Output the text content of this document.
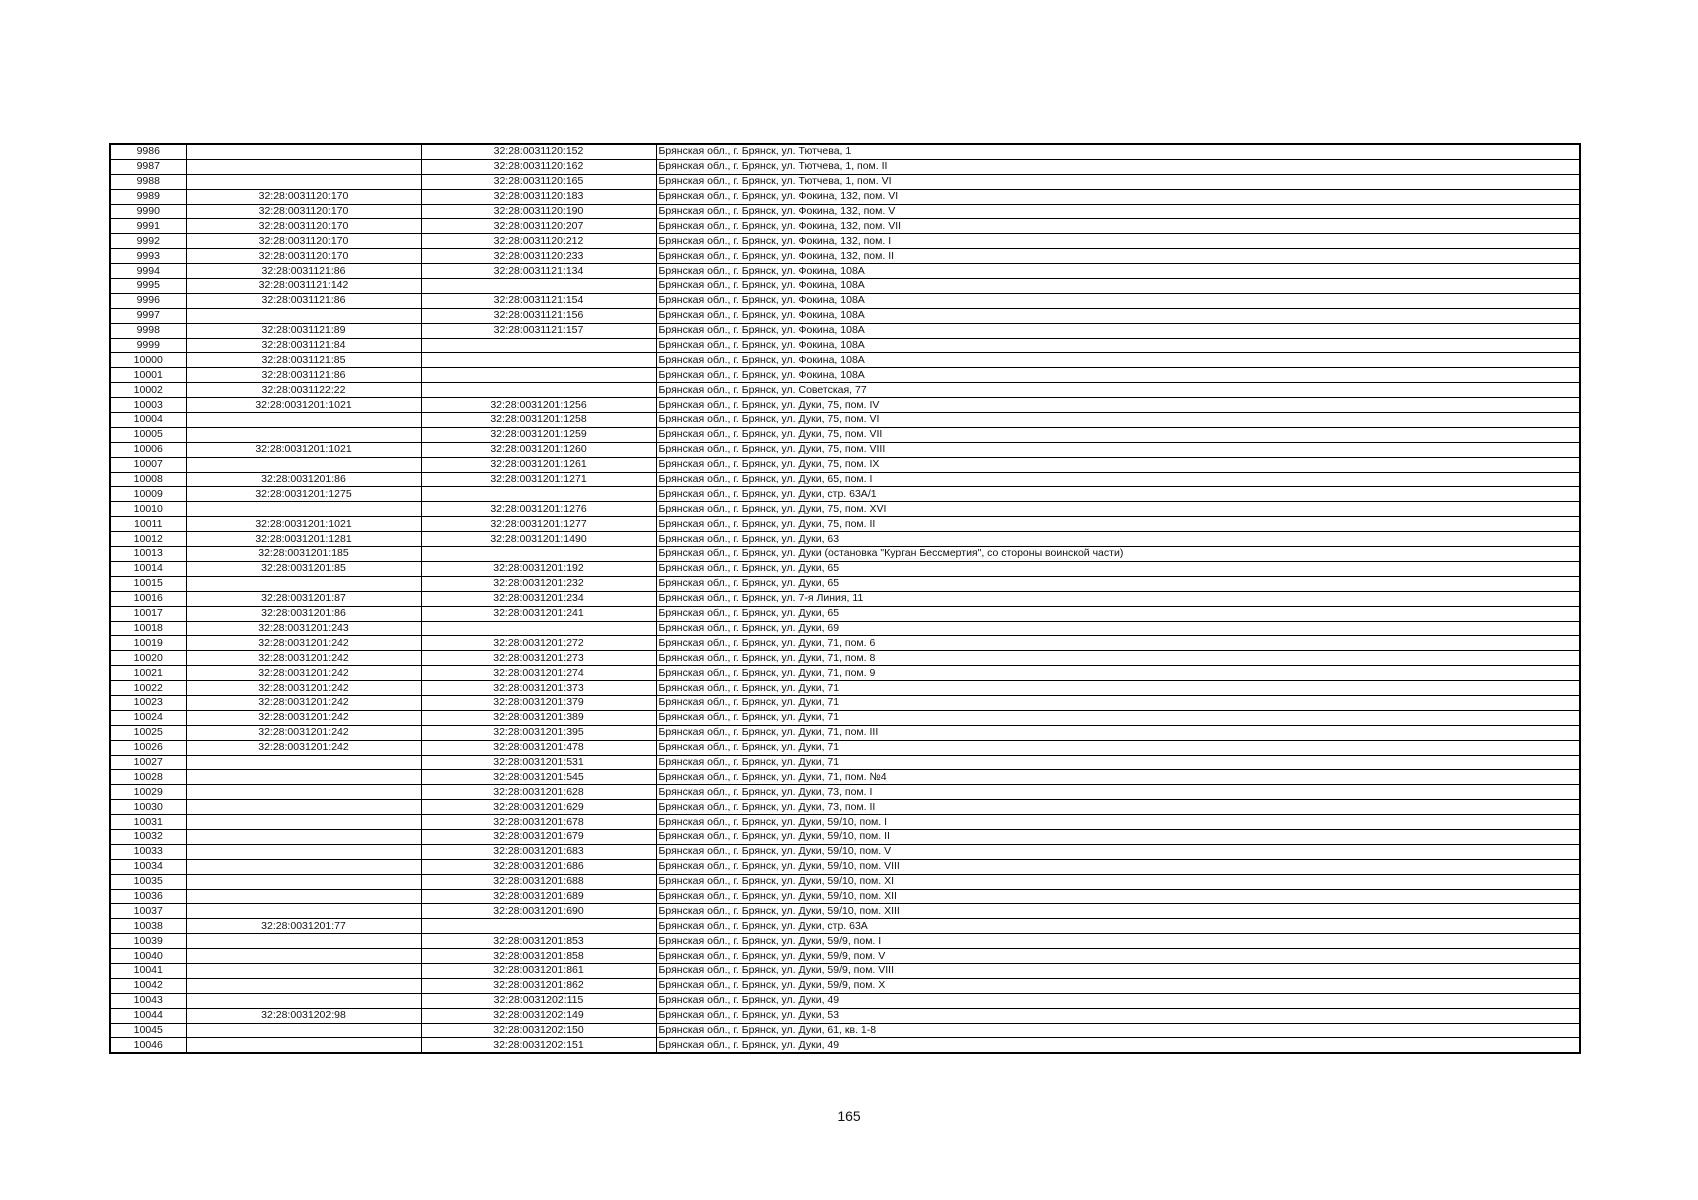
9986		32:28:0031120:152	Брянская обл., г. Брянск, ул. Тютчева, 1
9987		32:28:0031120:162	Брянская обл., г. Брянск, ул. Тютчева, 1, пом. II
9988		32:28:0031120:165	Брянская обл., г. Брянск, ул. Тютчева, 1, пом. VI
9989	32:28:0031120:170	32:28:0031120:183	Брянская обл., г. Брянск, ул. Фокина, 132, пом. VI
9990	32:28:0031120:170	32:28:0031120:190	Брянская обл., г. Брянск, ул. Фокина, 132, пом. V
9991	32:28:0031120:170	32:28:0031120:207	Брянская обл., г. Брянск, ул. Фокина, 132, пом. VII
9992	32:28:0031120:170	32:28:0031120:212	Брянская обл., г. Брянск, ул. Фокина, 132, пом. I
9993	32:28:0031120:170	32:28:0031120:233	Брянская обл., г. Брянск, ул. Фокина, 132, пом. II
9994	32:28:0031121:86	32:28:0031121:134	Брянская обл., г. Брянск, ул. Фокина, 108А
9995	32:28:0031121:142		Брянская обл., г. Брянск, ул. Фокина, 108А
9996	32:28:0031121:86	32:28:0031121:154	Брянская обл., г. Брянск, ул. Фокина, 108А
9997		32:28:0031121:156	Брянская обл., г. Брянск, ул. Фокина, 108А
9998	32:28:0031121:89	32:28:0031121:157	Брянская обл., г. Брянск, ул. Фокина, 108А
9999	32:28:0031121:84		Брянская обл., г. Брянск, ул. Фокина, 108А
10000	32:28:0031121:85		Брянская обл., г. Брянск, ул. Фокина, 108А
10001	32:28:0031121:86		Брянская обл., г. Брянск, ул. Фокина, 108А
10002	32:28:0031122:22		Брянская обл., г. Брянск, ул. Советская, 77
10003	32:28:0031201:1021	32:28:0031201:1256	Брянская обл., г. Брянск, ул. Дуки, 75, пом. IV
10004		32:28:0031201:1258	Брянская обл., г. Брянск, ул. Дуки, 75, пом. VI
10005		32:28:0031201:1259	Брянская обл., г. Брянск, ул. Дуки, 75, пом. VII
10006	32:28:0031201:1021	32:28:0031201:1260	Брянская обл., г. Брянск, ул. Дуки, 75, пом. VIII
10007		32:28:0031201:1261	Брянская обл., г. Брянск, ул. Дуки, 75, пом. IX
10008	32:28:0031201:86	32:28:0031201:1271	Брянская обл., г. Брянск, ул. Дуки, 65, пом. I
10009	32:28:0031201:1275		Брянская обл., г. Брянск, ул. Дуки, стр. 63А/1
10010		32:28:0031201:1276	Брянская обл., г. Брянск, ул. Дуки, 75, пом. XVI
10011	32:28:0031201:1021	32:28:0031201:1277	Брянская обл., г. Брянск, ул. Дуки, 75, пом. II
10012	32:28:0031201:1281	32:28:0031201:1490	Брянская обл., г. Брянск, ул. Дуки, 63
10013	32:28:0031201:185		Брянская обл., г. Брянск, ул. Дуки (остановка "Курган Бессмертия", со стороны воинской части)
10014	32:28:0031201:85	32:28:0031201:192	Брянская обл., г. Брянск, ул. Дуки, 65
10015		32:28:0031201:232	Брянская обл., г. Брянск, ул. Дуки, 65
10016	32:28:0031201:87	32:28:0031201:234	Брянская обл., г. Брянск, ул. 7-я Линия, 11
10017	32:28:0031201:86	32:28:0031201:241	Брянская обл., г. Брянск, ул. Дуки, 65
10018	32:28:0031201:243		Брянская обл., г. Брянск, ул. Дуки, 69
10019	32:28:0031201:242	32:28:0031201:272	Брянская обл., г. Брянск, ул. Дуки, 71, пом. 6
10020	32:28:0031201:242	32:28:0031201:273	Брянская обл., г. Брянск, ул. Дуки, 71, пом. 8
10021	32:28:0031201:242	32:28:0031201:274	Брянская обл., г. Брянск, ул. Дуки, 71, пом. 9
10022	32:28:0031201:242	32:28:0031201:373	Брянская обл., г. Брянск, ул. Дуки, 71
10023	32:28:0031201:242	32:28:0031201:379	Брянская обл., г. Брянск, ул. Дуки, 71
10024	32:28:0031201:242	32:28:0031201:389	Брянская обл., г. Брянск, ул. Дуки, 71
10025	32:28:0031201:242	32:28:0031201:395	Брянская обл., г. Брянск, ул. Дуки, 71, пом. III
10026	32:28:0031201:242	32:28:0031201:478	Брянская обл., г. Брянск, ул. Дуки, 71
10027		32:28:0031201:531	Брянская обл., г. Брянск, ул. Дуки, 71
10028		32:28:0031201:545	Брянская обл., г. Брянск, ул. Дуки, 71, пом. №4
10029		32:28:0031201:628	Брянская обл., г. Брянск, ул. Дуки, 73, пом. I
10030		32:28:0031201:629	Брянская обл., г. Брянск, ул. Дуки, 73, пом. II
10031		32:28:0031201:678	Брянская обл., г. Брянск, ул. Дуки, 59/10, пом. I
10032		32:28:0031201:679	Брянская обл., г. Брянск, ул. Дуки, 59/10, пом. II
10033		32:28:0031201:683	Брянская обл., г. Брянск, ул. Дуки, 59/10, пом. V
10034		32:28:0031201:686	Брянская обл., г. Брянск, ул. Дуки, 59/10, пом. VIII
10035		32:28:0031201:688	Брянская обл., г. Брянск, ул. Дуки, 59/10, пом. XI
10036		32:28:0031201:689	Брянская обл., г. Брянск, ул. Дуки, 59/10, пом. XII
10037		32:28:0031201:690	Брянская обл., г. Брянск, ул. Дуки, 59/10, пом. XIII
10038	32:28:0031201:77		Брянская обл., г. Брянск, ул. Дуки, стр. 63А
10039		32:28:0031201:853	Брянская обл., г. Брянск, ул. Дуки, 59/9, пом. I
10040		32:28:0031201:858	Брянская обл., г. Брянск, ул. Дуки, 59/9, пом. V
10041		32:28:0031201:861	Брянская обл., г. Брянск, ул. Дуки, 59/9, пом. VIII
10042		32:28:0031201:862	Брянская обл., г. Брянск, ул. Дуки, 59/9, пом. X
10043		32:28:0031202:115	Брянская обл., г. Брянск, ул. Дуки, 49
10044	32:28:0031202:98	32:28:0031202:149	Брянская обл., г. Брянск, ул. Дуки, 53
10045		32:28:0031202:150	Брянская обл., г. Брянск, ул. Дуки, 61, кв. 1-8
10046		32:28:0031202:151	Брянская обл., г. Брянск, ул. Дуки, 49
165
